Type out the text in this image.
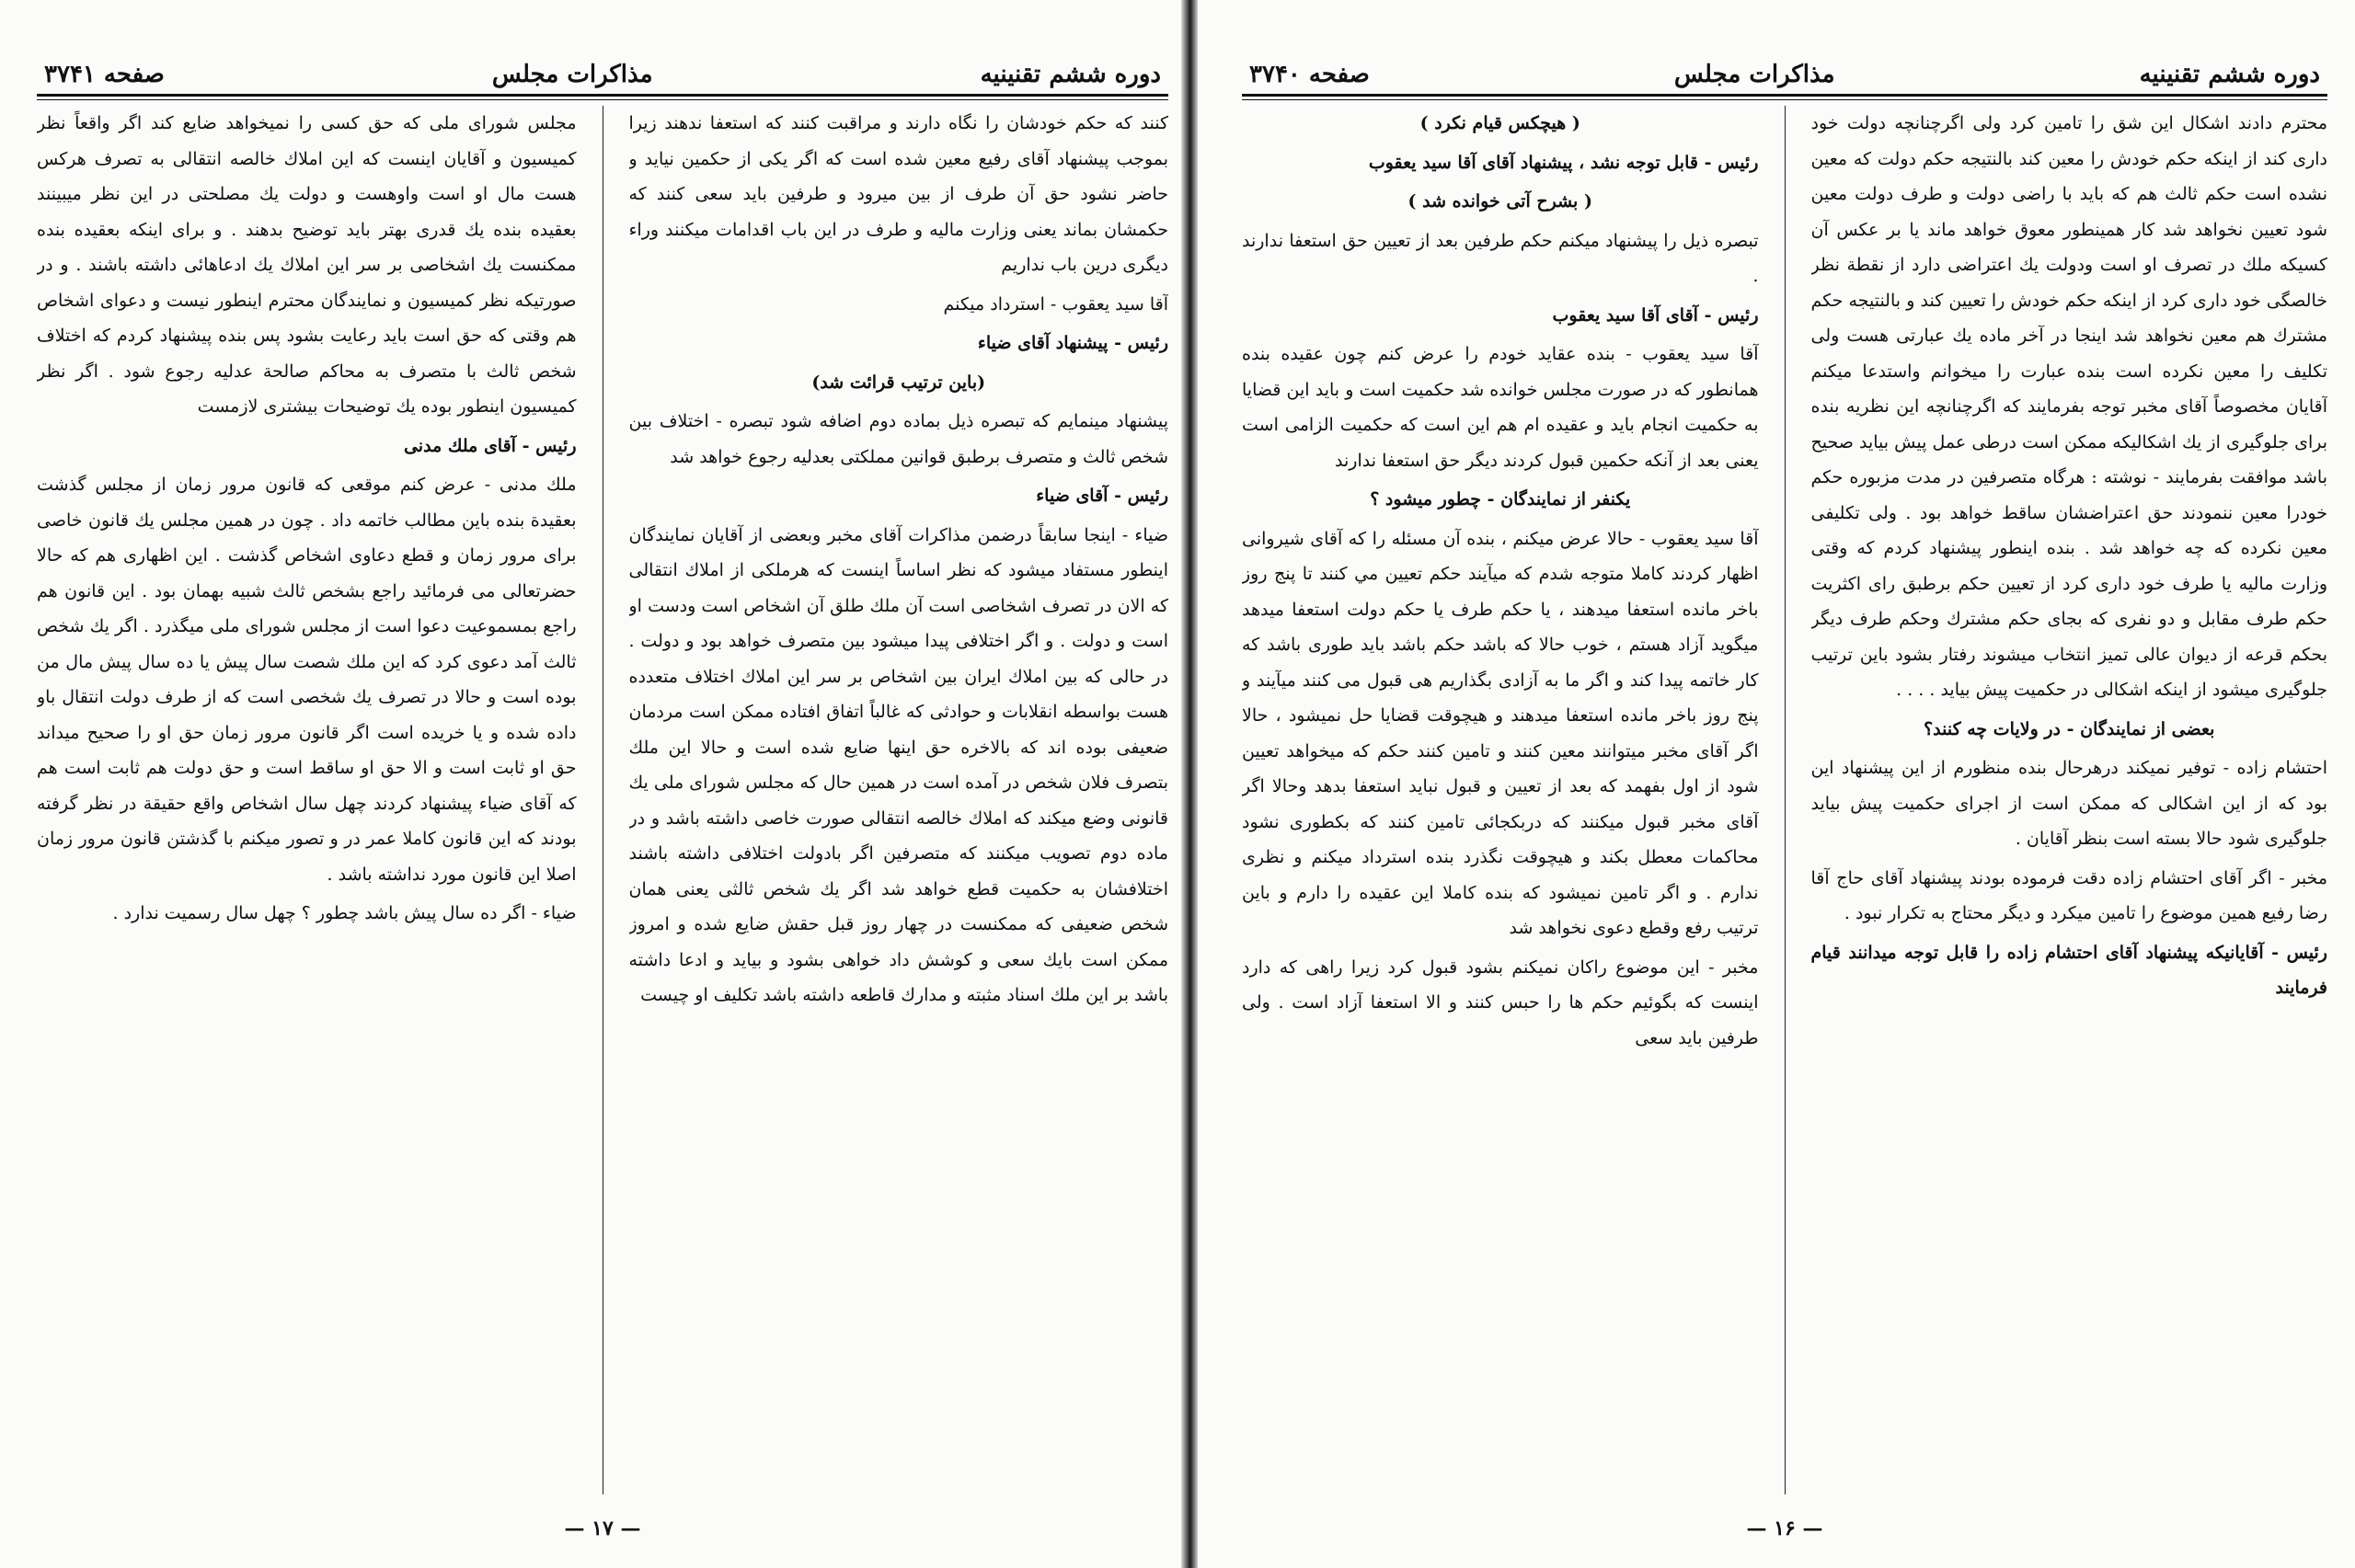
دوره ششم تقنينيه
مذاكرات مجلس
صفحه ۳۷۴۱

كنند كه حكم خودشان را نگاه دارند و مراقبت كنند كه استعفا ندهند زيرا بموجب پيشنهاد آقاى رفيع معين شده است كه اگر يكى از حكمين نيايد و حاضر نشود حق آن طرف از بين ميرود و طرفين بايد سعى كنند كه حكمشان بماند يعنى وزارت ماليه و طرف در اين باب اقدامات ميكنند وراء ديگرى درين باب نداريم

آقا سيد يعقوب - استرداد ميكنم

رئيس - پيشنهاد آقاى ضياء

(باين ترتيب قرائت شد)

پيشنهاد مينمايم كه تبصره ذيل بماده دوم اضافه شود تبصره - اختلاف بين شخص ثالث و متصرف برطبق قوانين مملكتى بعدليه رجوع خواهد شد

رئيس - آقاى ضياء

ضياء - اينجا سابقاً درضمن مذاكرات آقاى مخبر وبعضى از آقايان نمايندگان اينطور مستفاد ميشود كه نظر اساساً اينست كه هرملكى از املاك انتقالى كه الان در تصرف اشخاصى است آن ملك طلق آن اشخاص است ودست او است و دولت . و اگر اختلافى پيدا ميشود بين متصرف خواهد بود و دولت . در حالى كه بين املاك ايران بين اشخاص بر سر اين املاك اختلاف متعدده هست بواسطه انقلابات و حوادثى كه غالباً اتفاق افتاده ممكن است مردمان ضعيفى بوده اند كه بالاخره حق اينها ضايع شده است و حالا اين ملك بتصرف فلان شخص در آمده است در همين حال كه مجلس شوراى ملى يك قانونى وضع ميكند كه املاك خالصه انتقالى صورت خاصى داشته باشد و در ماده دوم تصويب ميكنند كه متصرفين اگر بادولت اختلافى داشته باشند اختلافشان به حكميت قطع خواهد شد اگر يك شخص ثالثى يعنى همان شخص ضعيفى كه ممكنست در چهار روز قبل حقش ضايع شده و امروز ممكن است بايك سعى و كوشش داد خواهى بشود و بيايد و ادعا داشته باشد بر اين ملك اسناد مثبته و مدارك قاطعه داشته باشد تكليف او چيست

مجلس شوراى ملى كه حق كسى را نميخواهد ضايع كند اگر واقعاً نظر كميسيون و آقايان اينست كه اين املاك خالصه انتقالى به تصرف هركس هست مال او است واوهست و دولت يك مصلحتى در اين نظر ميبينند بعقيده بنده يك قدرى بهتر بايد توضيح بدهند . و براى اينكه بعقيده بنده ممكنست يك اشخاصى بر سر اين املاك يك ادعاهائى داشته باشند . و در صورتيكه نظر كميسيون و نمايندگان محترم اينطور نيست و دعواى اشخاص هم وقتى كه حق است بايد رعايت بشود پس بنده پيشنهاد كردم كه اختلاف شخص ثالث با متصرف به محاكم صالحة عدليه رجوع شود . اگر نظر كميسيون اينطور بوده يك توضيحات بيشترى لازمست

رئيس - آقاى ملك مدنى

ملك مدنى - عرض كنم موقعى كه قانون مرور زمان از مجلس گذشت بعقيدة بنده باين مطالب خاتمه داد . چون در همين مجلس يك قانون خاصى براى مرور زمان و قطع دعاوى اشخاص گذشت . اين اظهارى هم كه حالا حضرتعالى مى فرمائيد راجع بشخص ثالث شبيه بهمان بود . اين قانون هم راجع بمسموعيت دعوا است از مجلس شوراى ملى ميگذرد . اگر يك شخص ثالث آمد دعوى كرد كه اين ملك شصت سال پيش يا ده سال پيش مال من بوده است و حالا در تصرف يك شخصى است كه از طرف دولت انتقال باو داده شده و يا خريده است اگر قانون مرور زمان حق او را صحيح ميداند حق او ثابت است و الا حق او ساقط است و حق دولت هم ثابت است هم كه آقاى ضياء پيشنهاد كردند چهل سال اشخاص واقع حقيقة در نظر گرفته بودند كه اين قانون كاملا عمر در و تصور ميكنم با گذشتن قانون مرور زمان اصلا اين قانون مورد نداشته باشد .

ضياء - اگر ده سال پيش باشد چطور ؟ چهل سال رسميت ندارد .

— ۱۷ —
دوره ششم تقنينيه
مذاكرات مجلس
صفحه ۳۷۴۰

محترم دادند اشكال اين شق را تامين كرد ولى اگرچنانچه دولت خود دارى كند از اينكه حكم خودش را معين كند بالنتيجه حكم دولت كه معين نشده است حكم ثالث هم كه بايد با راضى دولت و طرف دولت معين شود تعيين نخواهد شد كار همينطور معوق خواهد ماند يا بر عكس آن كسيكه ملك در تصرف او است ودولت يك اعتراضى دارد از نقطة نظر خالصگى خود دارى كرد از اينكه حكم خودش را تعيين كند و بالنتيجه حكم مشترك هم معين نخواهد شد اينجا در آخر ماده يك عبارتى هست ولى تكليف را معين نكرده است بنده عبارت را ميخوانم واستدعا ميكنم آقايان مخصوصاً آقاى مخبر توجه بفرمايند كه اگرچنانچه اين نظريه بنده براى جلوگيرى از يك اشكاليكه ممكن است درطى عمل پيش بيايد صحيح باشد موافقت بفرمايند - نوشته : هرگاه متصرفين در مدت مزبوره حكم خودرا معين ننمودند حق اعتراضشان ساقط خواهد بود . ولى تكليفى معين نكرده كه چه خواهد شد . بنده اينطور پيشنهاد كردم كه وقتى وزارت ماليه يا طرف خود دارى كرد از تعيين حكم برطبق راى اكثريت حكم طرف مقابل و دو نفرى كه بجاى حكم مشترك وحكم طرف ديگر بحكم قرعه از ديوان عالى تميز انتخاب ميشوند رفتار بشود باين ترتيب جلوگيرى ميشود از اينكه اشكالى در حكميت پيش بيايد . . . .

بعضى از نمايندگان - در ولايات چه كنند؟

احتشام زاده - توفير نميكند درهرحال بنده منظورم از اين پيشنهاد اين بود كه از اين اشكالى كه ممكن است از اجراى حكميت پيش بيايد جلوگيرى شود حالا بسته است بنظر آقايان .

مخبر - اگر آقاى احتشام زاده دقت فرموده بودند پيشنهاد آقاى حاج آقا رضا رفيع همين موضوع را تامين ميكرد و ديگر محتاج به تكرار نبود .

رئيس - آقايانيكه پيشنهاد آقاى احتشام زاده را قابل توجه ميدانند قيام فرمايند

( هيچكس قيام نكرد )

رئيس - قابل توجه نشد ، پيشنهاد آقاى آقا سيد يعقوب

( بشرح آتى خوانده شد )

تبصره ذيل را پيشنهاد ميكنم حكم طرفين بعد از تعيين حق استعفا ندارند .

رئيس - آقاى آقا سيد يعقوب

آقا سيد يعقوب - بنده عقايد خودم را عرض كنم چون عقيده بنده همانطور كه در صورت مجلس خوانده شد حكميت است و بايد اين قضايا به حكميت انجام بايد و عقيده ام هم اين است كه حكميت الزامى است يعنى بعد از آنكه حكمين قبول كردند ديگر حق استعفا ندارند

يكنفر از نمايندگان - چطور ميشود ؟

آقا سيد يعقوب - حالا عرض ميكنم ، بنده آن مسئله را كه آقاى شيروانى اظهار كردند كاملا متوجه شدم كه ميآيند حكم تعيين مي كنند تا پنج روز باخر مانده استعفا ميدهند ، يا حكم طرف يا حكم دولت استعفا ميدهد ميگويد آزاد هستم ، خوب حالا كه باشد حكم باشد بايد طورى باشد كه كار خاتمه پيدا كند و اگر ما به آزادى بگذاريم هى قبول مى كنند ميآيند و پنج روز باخر مانده استعفا ميدهند و هيچوقت قضايا حل نميشود ، حالا اگر آقاى مخبر ميتوانند معين كنند و تامين كنند حكم كه ميخواهد تعيين شود از اول بفهمد كه بعد از تعيين و قبول نبايد استعفا بدهد وحالا اگر آقاى مخبر قبول ميكنند كه دربكجائى تامين كنند كه بكطورى نشود محاكمات معطل بكند و هيچوقت نگذرد بنده استرداد ميكنم و نظرى ندارم . و اگر تامين نميشود كه بنده كاملا اين عقيده را دارم و باين ترتيب رفع وقطع دعوى نخواهد شد

مخبر - اين موضوع راكان نميكنم بشود قبول كرد زيرا راهى كه دارد اينست كه بگوئيم حكم ها را حبس كنند و الا استعفا آزاد است . ولى طرفين بايد سعى

— ۱۶ —
